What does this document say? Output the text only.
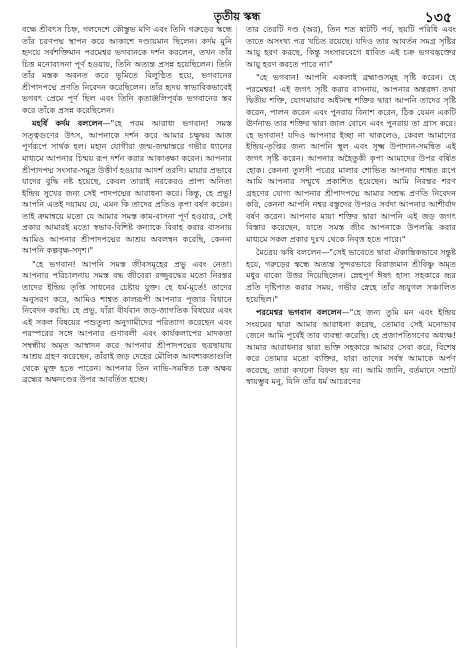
তৃতীয় স্কন্ধ	১৩৫

বক্ষে শ্রীবৎস চিহ্ন, গলদেশে কৌস্তুভ মণি এবং তিনি গরুড়ের স্কন্ধে তাঁর চরণপদ্ম স্থাপন করে আকাশে দণ্ডায়মান ছিলেন। কর্দম মুনি হৃদয়ে সর্বশক্তিমান পরমেশ্বর ভগবানকে দর্শন করলেন, তখন তাঁর চিত্ত মনোবাসনা পূর্ণ হওয়ায়, তিনি অত্যন্ত প্রসন্ন হয়েছিলেন। তিনি তাঁর মস্তক অবনত করে ভূমিতে বিলুণ্ঠিত হয়ে, ভগবানের শ্রীপাদপদ্মে প্রণতি নিবেদন করেছিলেন। তাঁর হৃদয় স্বাভাবিকভাবেই ভগবৎ প্রেমে পূর্ণ ছিল এবং তিনি কৃতাঞ্জলিপূর্বক ভগবানের স্তব করে তাঁকে প্রসন্ন করেছিলেন।

মহর্ষি কর্দম বললেন—"হে পরম আরাধ্য ভগবান! সমস্ত সত্ত্বগুণের উৎস, আপনাকে দর্শন করে আমার চক্ষুদ্বয় আজ পূর্ণরূপে সার্থক হল। মহান যোগীরা জন্ম-জন্মান্তরে গভীর ধ্যানের মাধ্যমে আপনার চিন্ময় রূপ দর্শন করার আকাঙ্ক্ষা করেন। আপনার শ্রীপাদপদ্ম সংসার-সমুদ্র উত্তীর্ণ হওয়ার আদর্শ তরণি। মায়ার প্রভাবে যাদের বুদ্ধি নষ্ট হয়েছে, কেবল তারাই নরকেরও প্রাপ্য অনিত্য ইন্দ্রিয় সুখের জন্য সেই পাদপদ্মের আরাধনা করে। কিন্তু, হে প্রভু! আপনি এতই দয়াময় যে, এমন কি তাদের প্রতিও কৃপা বর্ষণ করেন। তাই ক্রমান্বয়ে মতো যে আমার সমস্ত কাম-বাসনা পূর্ণ হওয়ার, সেই প্রকার আমারই মতো স্বভাব-বিশিষ্ট কন্যাকে বিবাহ করার বাসনায় আমিও আপনার শ্রীপাদপদ্মের আশ্রয় অবলম্বন করেছি, কেননা আপনি কল্পবৃক্ষ-সদৃশ।"

"হে ভগবান! আপনি সমস্ত জীবসমূহের প্রভু এবং নেতা। আপনার পরিচালনায় সমস্ত বদ্ধ জীবেরা রজ্জুবদ্ধের মতো নিরন্তর তাদের ইন্দ্রিয় তৃপ্তি সাধনের চেষ্টায় যুক্ত। হে ধর্ম-মূর্তে! তাদের অনুসরণ করে, আমিও শাশ্বত কালরূপী আপনার পূজার বিধানে নিবেদন করছি। হে প্রভু, যাঁরা বীর্যবান জড়-জাগতিক বিষয়ের এবং এই সকল বিষয়ের পশুতুল্য অনুগামীদের পরিত্যাগ করেছেন এবং পরস্পরের সঙ্গে আপনার গুণাবলী এবং কার্যকলাপের মাদকতা সম্বন্ধীয় অমৃত আস্বাদন করে আপনার শ্রীপাদপদ্মের ছত্রছায়ায় আশ্রয় গ্রহণ করেছেন, তাঁরাই জড় দেহের মৌলিক আবশ্যকতাগুলি থেকে মুক্ত হতে পারেন। আপনার তিন নাভি-সমন্বিত চক্র অক্ষয় ব্রহ্মের অক্ষদণ্ডের উপর আবর্তিত হচ্ছে।

তার তেরটি দণ্ড (অর), তিন শত ষাটটি পর্ব, ছয়টি পরিধি এবং তাতে অসংখ্য পত্র খচিত রয়েছে। যদিও তার আবর্তন সমগ্র সৃষ্টির আয়ু হরণ করছে, কিন্তু সংসারবেগে ধাবিত এই চক্র ভগবদ্ভক্তের আয়ু হরণ করতে পারে না।"

"হে ভগবান! আপনি একলাই ব্রহ্মাণ্ডসমূহ সৃষ্টি করেন। হে পরমেশ্বর! এই জগৎ সৃষ্টি করার বাসনায়, আপনার অন্তরঙ্গা তথা দ্বিতীয় শক্তি, যোগমায়ার অধীনস্থ শক্তির দ্বারা আপনি তাদের সৃষ্টি করেন, পালন করেন এবং পুনরায় বিনাশ করেন, ঠিক যেমন একটি ঊর্ণনাভ তার শক্তির দ্বারা জাল বোনে এবং পুনরায় তা গ্রাস করে। হে ভগবান! যদিও আপনার ইচ্ছা না থাকলেও, কেবল আমাদের ইন্দ্রিয়-তৃপ্তির জন্য আপনি স্থূল এবং সূক্ষ্ম উপাদান-সমন্বিত এই জগৎ সৃষ্টি করেন। আপনার অহৈতুকী কৃপা আমাদের উপর বর্ষিত হোক। কেননা তুলসী পত্রের মালার শোভিত আপনার শাশ্বত রূপে আমি আপনার সম্মুখে প্রকাশিত হয়েছেন। আমি নিরন্তর শরণ গ্রহণের যোগ্য আপনার শ্রীপাদপদ্মে আমার সশ্রদ্ধ প্রণতি নিবেদন করি, কেননা আপনি নশ্বর বস্তুদের উপরও সর্বদা আপনার আশীর্বাদ বর্ষণ করেন। আপনার মায়া শক্তির দ্বারা আপনি এই জড় জগৎ বিস্তার করেছেন, যাতে সমস্ত জীব আপনাকে উপলব্ধি করার মাধ্যমে সকল প্রকার দুঃখ থেকে নিবৃত্ত হতে পারে।"

মৈত্রেয় ঋষি বললেন—"সেই ভাবেতে দ্বারা ঐকান্তিকভাবে সন্তুষ্ট হয়ে, গরুড়ের স্কন্ধে অত্যন্ত সুন্দরভাবে বিরাজমান শ্রীবিষ্ণু অমৃত মধুর বাক্যে উত্তর দিয়েছিলেন। স্নেহপূর্ণ ঈষৎ হাস্য সহকারে ভ্রূর প্রতি দৃষ্টিপাত করার সময়, গভীর স্নেহে তাঁর ভ্রূযুগল সঞ্চালিত হয়েছিল।"

পরমেশ্বর ভগবান বললেন—"হে জন্য তুমি মন এবং ইন্দ্রিয় সংযমের দ্বারা আমার আরাধনা করেছ, তোমার সেই মনোভাব জেনে আমি পূর্বেই তার ব্যবস্থা করেছি। হে প্রজাপতিগণের অধ্যক্ষ! আমার আরাধনার দ্বারা ভক্তি সহকারে আমার সেবা করে, বিশেষ করে তোমার মতো ব্যক্তির, যারা তাদের সর্বস্ব আমাকে অর্পণ করেছে, তারা কখনো বিফল হয় না। আমি জানি, বর্তমানে সম্রাট স্বায়ম্ভুব মনু, যিনি তাঁর ধর্ম আচরণের
